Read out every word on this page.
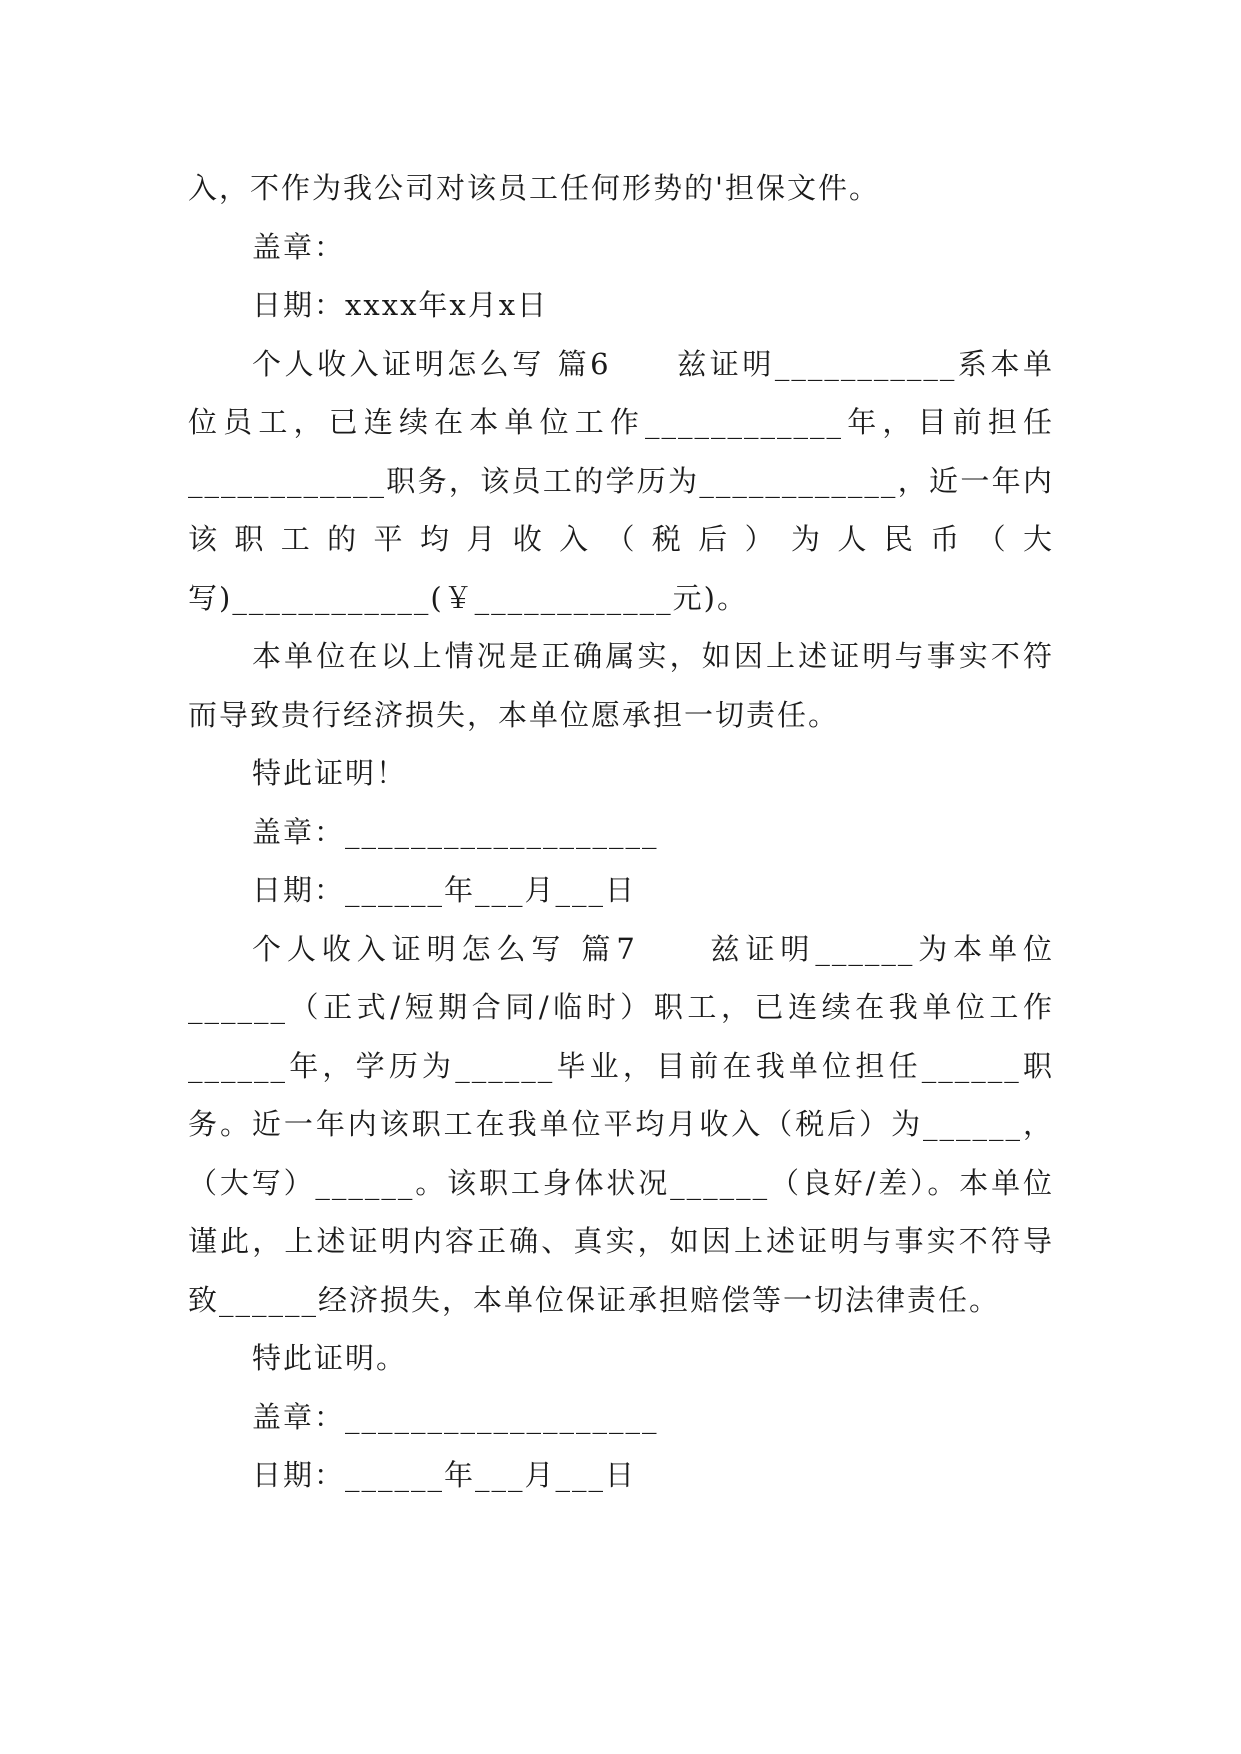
入，不作为我公司对该员工任何形势的'担保文件。

盖章：

日期：xxxx年x月x日

个人收入证明怎么写 篇6　　兹证明___________系本单位员工，已连续在本单位工作____________年，目前担任____________职务，该员工的学历为____________，近一年内该职工的平均月收入（税后）为人民币（大写)____________(￥____________元)。

本单位在以上情况是正确属实，如因上述证明与事实不符而导致贵行经济损失，本单位愿承担一切责任。

特此证明！

盖章：___________________

日期：______年___月___日

个人收入证明怎么写 篇7　　兹证明______为本单位______（正式/短期合同/临时）职工，已连续在我单位工作______年，学历为______毕业，目前在我单位担任______职务。近一年内该职工在我单位平均月收入（税后）为______，（大写）______。该职工身体状况______（良好/差）。本单位谨此，上述证明内容正确、真实，如因上述证明与事实不符导致______经济损失，本单位保证承担赔偿等一切法律责任。

特此证明。

盖章：___________________

日期：______年___月___日
